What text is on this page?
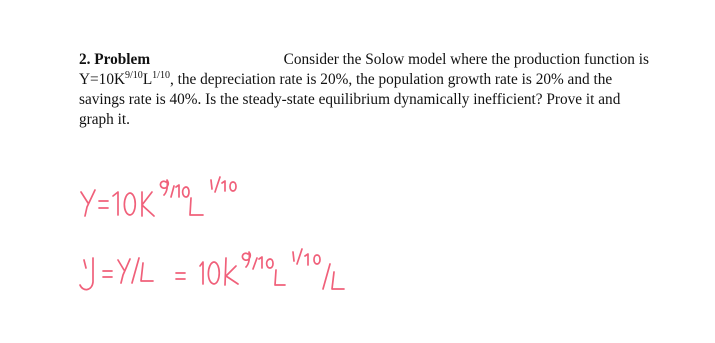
2. Problem	Consider the Solow model where the production function is
$Y=10K^{9/10}L^{1/10}$, the depreciation rate is 20%, the population growth rate is 20% and the
savings rate is 40%. Is the steady-state equilibrium dynamically inefficient? Prove it and
graph it.
